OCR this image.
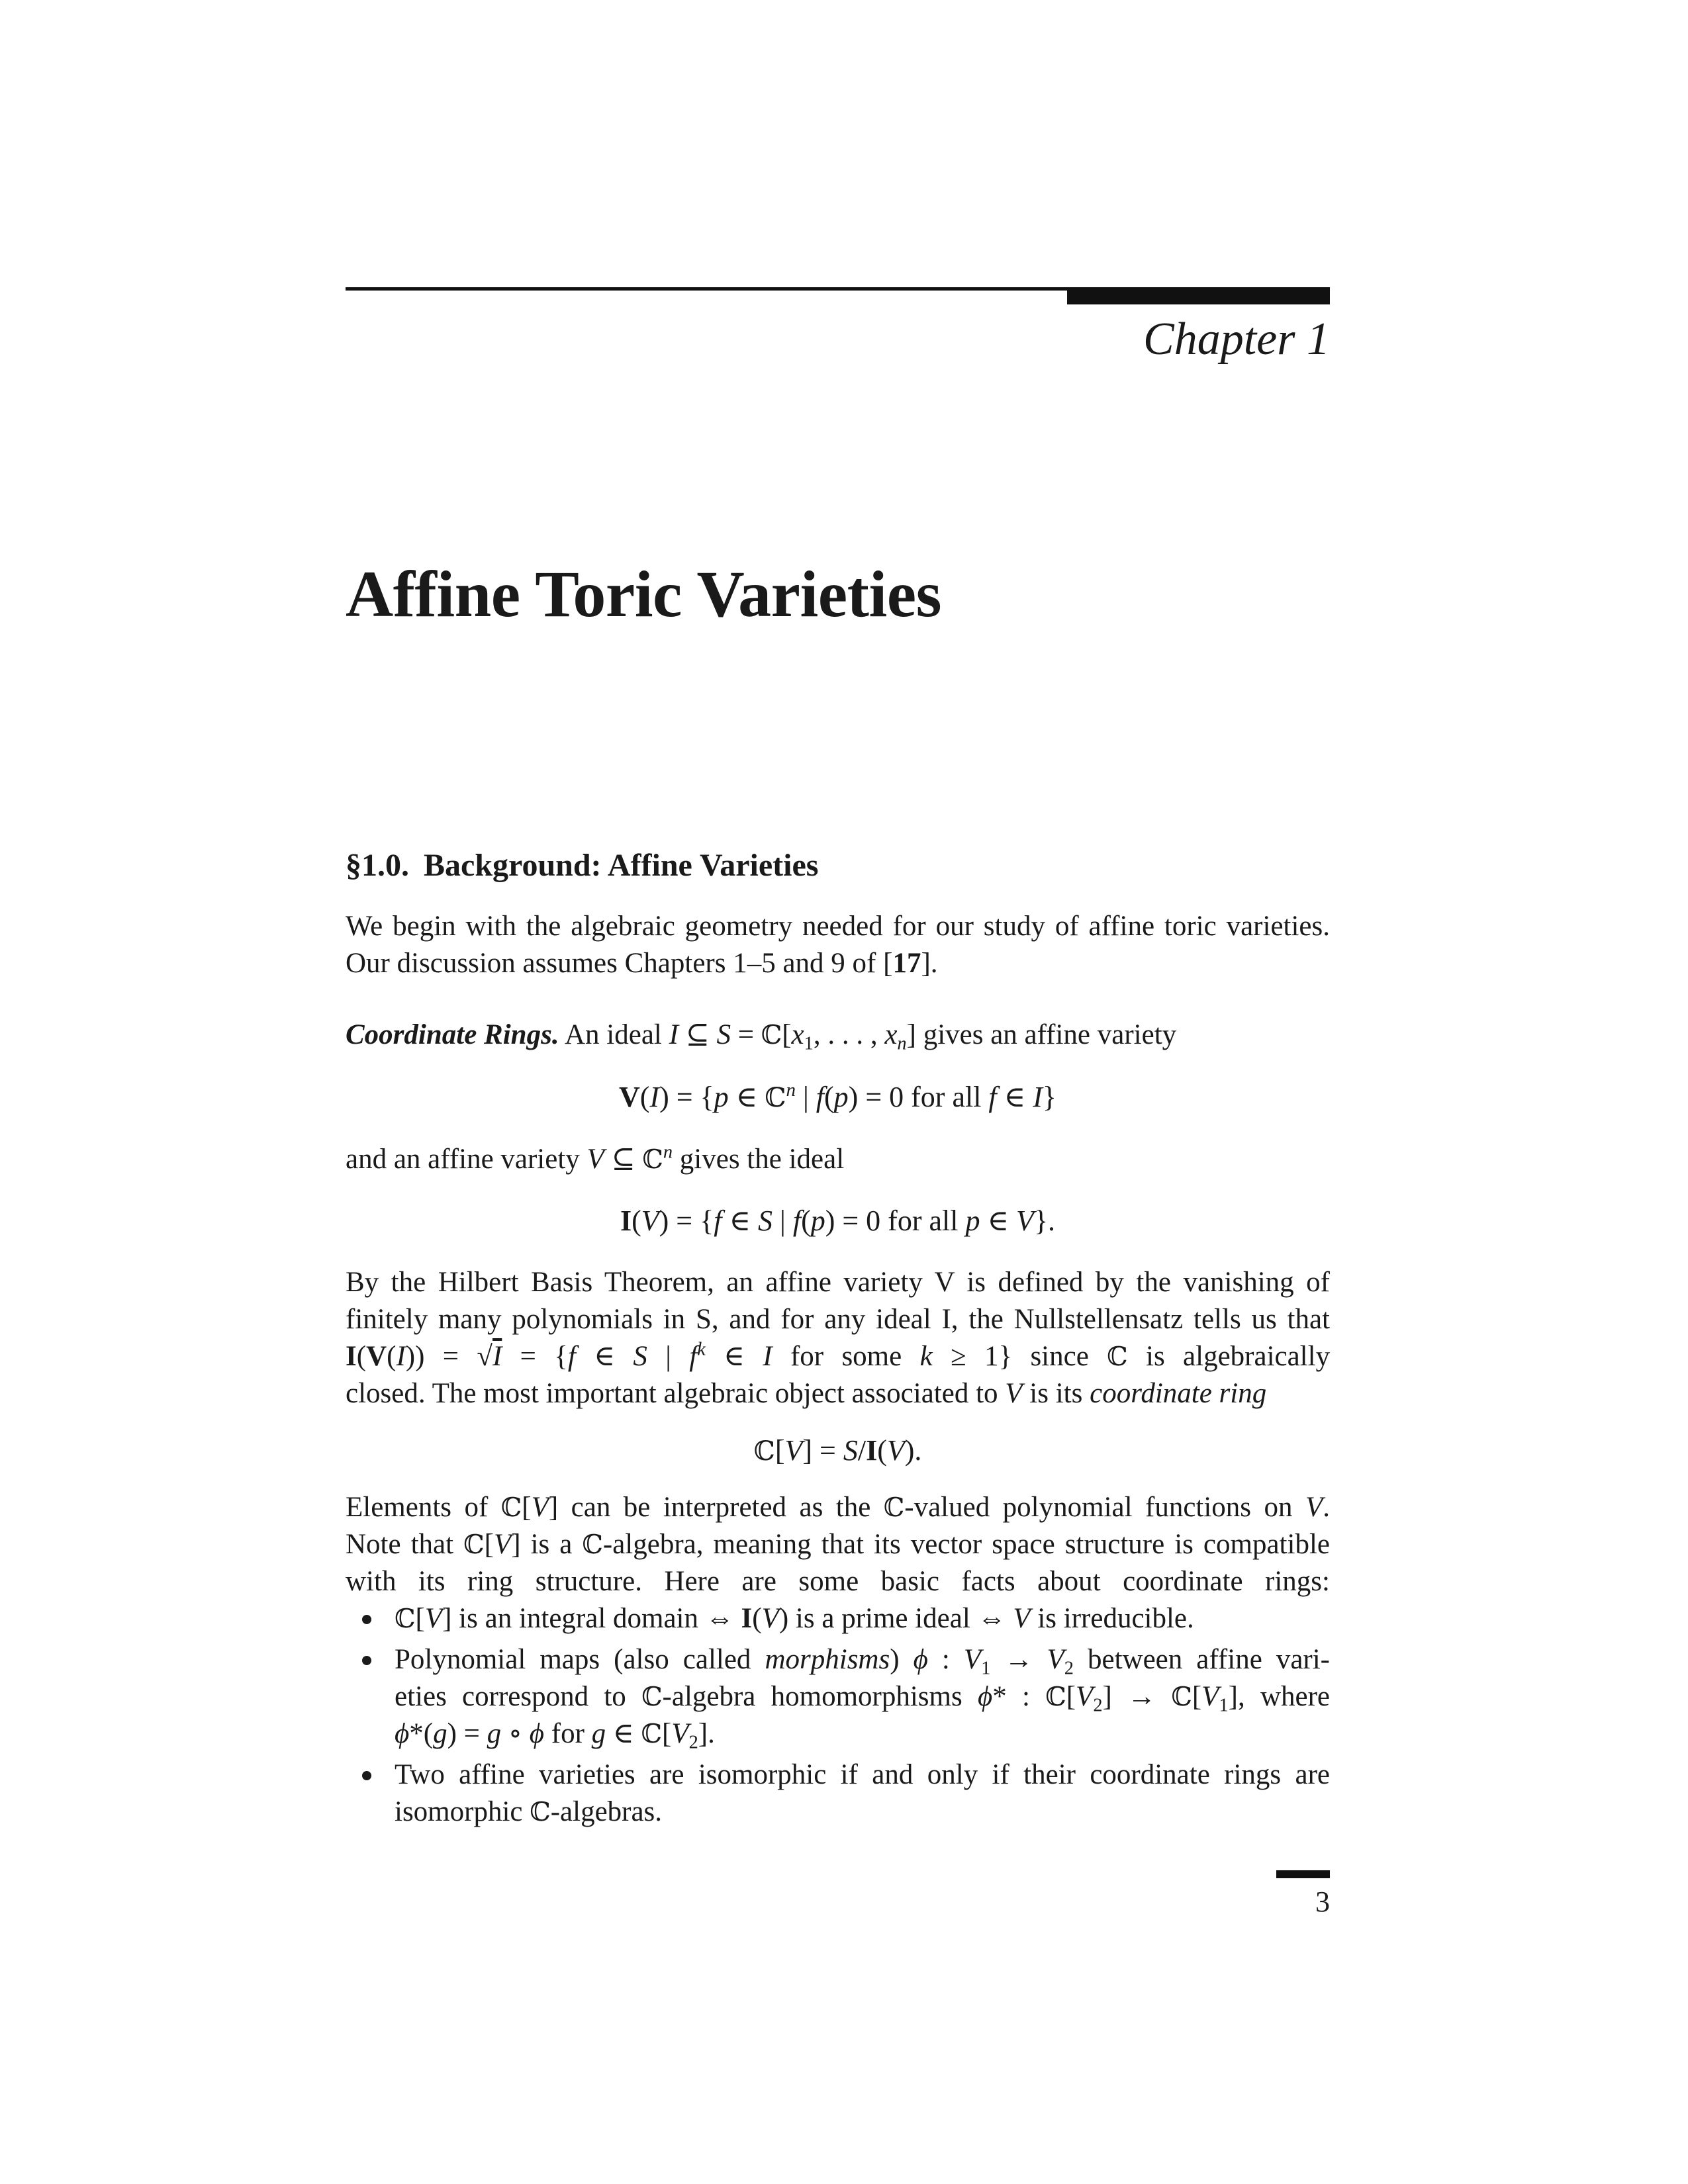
Chapter 1
Affine Toric Varieties
§1.0. Background: Affine Varieties
We begin with the algebraic geometry needed for our study of affine toric varieties.
Our discussion assumes Chapters 1–5 and 9 of [17].
Coordinate Rings. An ideal I ⊆ $S = ℂ[x_1$, . . . , $x_n$] gives an affine variety
V(I) = {p ∈ ℂ$^n$ | f(p) = 0 for all f ∈ I}
and an affine variety V ⊆ ℂ$^n$ gives the ideal
I(V) = {f ∈ S | f(p) = 0 for all p ∈ V}.
By the Hilbert Basis Theorem, an affine variety V is defined by the vanishing of
finitely many polynomials in S, and for any ideal I, the Nullstellensatz tells us that
I(V(I)) = √I = {f ∈ S | $f^k$ ∈ I for some k ≥ 1} since ℂ is algebraically
closed. The most important algebraic object associated to V is its coordinate ring
ℂ[V] = S/I(V).
Elements of ℂ[V] can be interpreted as the ℂ-valued polynomial functions on V.
Note that ℂ[V] is a ℂ-algebra, meaning that its vector space structure is compatible
with its ring structure. Here are some basic facts about coordinate rings:
ℂ[V] is an integral domain ⇔ I(V) is a prime ideal ⇔ V is irreducible.
Polynomial maps (also called morphisms) ϕ : $V_1 \to V_2$ between affine vari-
eties correspond to ℂ-algebra homomorphisms ϕ* : $ℂ[V_2]$ → $ℂ[V_1]$, where
ϕ*(g) = g ∘ ϕ for g ∈ $ℂ[V_2]$.
Two affine varieties are isomorphic if and only if their coordinate rings are
isomorphic ℂ-algebras.
3
